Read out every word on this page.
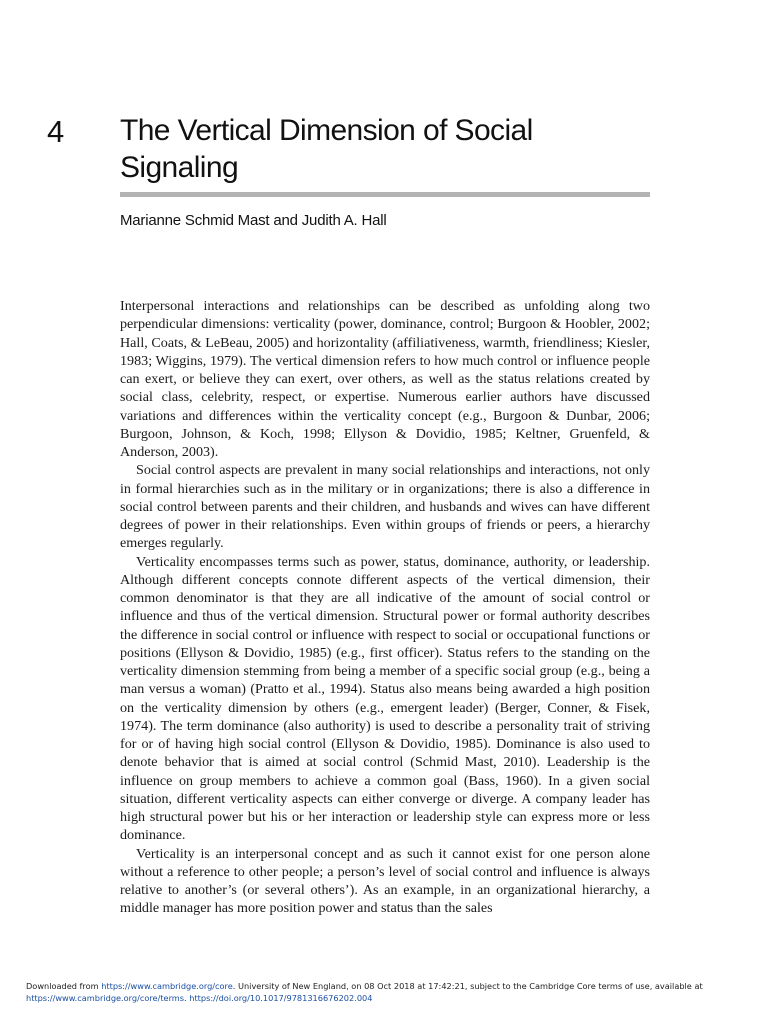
4 The Vertical Dimension of Social Signaling
Marianne Schmid Mast and Judith A. Hall

Interpersonal interactions and relationships can be described as unfolding along two perpendicular dimensions: verticality (power, dominance, control; Burgoon & Hoobler, 2002; Hall, Coats, & LeBeau, 2005) and horizontality (affiliativeness, warmth, friendliness; Kiesler, 1983; Wiggins, 1979). The vertical dimension refers to how much control or influence people can exert, or believe they can exert, over others, as well as the status relations created by social class, celebrity, respect, or expertise. Numerous earlier authors have discussed variations and differences within the verticality concept (e.g., Burgoon & Dunbar, 2006; Burgoon, Johnson, & Koch, 1998; Ellyson & Dovidio, 1985; Keltner, Gruenfeld, & Anderson, 2003).

Social control aspects are prevalent in many social relationships and interactions, not only in formal hierarchies such as in the military or in organizations; there is also a difference in social control between parents and their children, and husbands and wives can have different degrees of power in their relationships. Even within groups of friends or peers, a hierarchy emerges regularly.

Verticality encompasses terms such as power, status, dominance, authority, or leadership. Although different concepts connote different aspects of the vertical dimension, their common denominator is that they are all indicative of the amount of social control or influence and thus of the vertical dimension. Structural power or formal authority describes the difference in social control or influence with respect to social or occupational functions or positions (Ellyson & Dovidio, 1985) (e.g., first officer). Status refers to the standing on the verticality dimension stemming from being a member of a specific social group (e.g., being a man versus a woman) (Pratto et al., 1994). Status also means being awarded a high position on the verticality dimension by others (e.g., emergent leader) (Berger, Conner, & Fisek, 1974). The term dominance (also authority) is used to describe a personality trait of striving for or of having high social control (Ellyson & Dovidio, 1985). Dominance is also used to denote behavior that is aimed at social control (Schmid Mast, 2010). Leadership is the influence on group members to achieve a common goal (Bass, 1960). In a given social situation, different verticality aspects can either converge or diverge. A company leader has high structural power but his or her interaction or leadership style can express more or less dominance.

Verticality is an interpersonal concept and as such it cannot exist for one person alone without a reference to other people; a person’s level of social control and influence is always relative to another’s (or several others’). As an example, in an organizational hierarchy, a middle manager has more position power and status than the sales

Downloaded from https://www.cambridge.org/core. University of New England, on 08 Oct 2018 at 17:42:21, subject to the Cambridge Core terms of use, available at
https://www.cambridge.org/core/terms. https://doi.org/10.1017/9781316676202.004
